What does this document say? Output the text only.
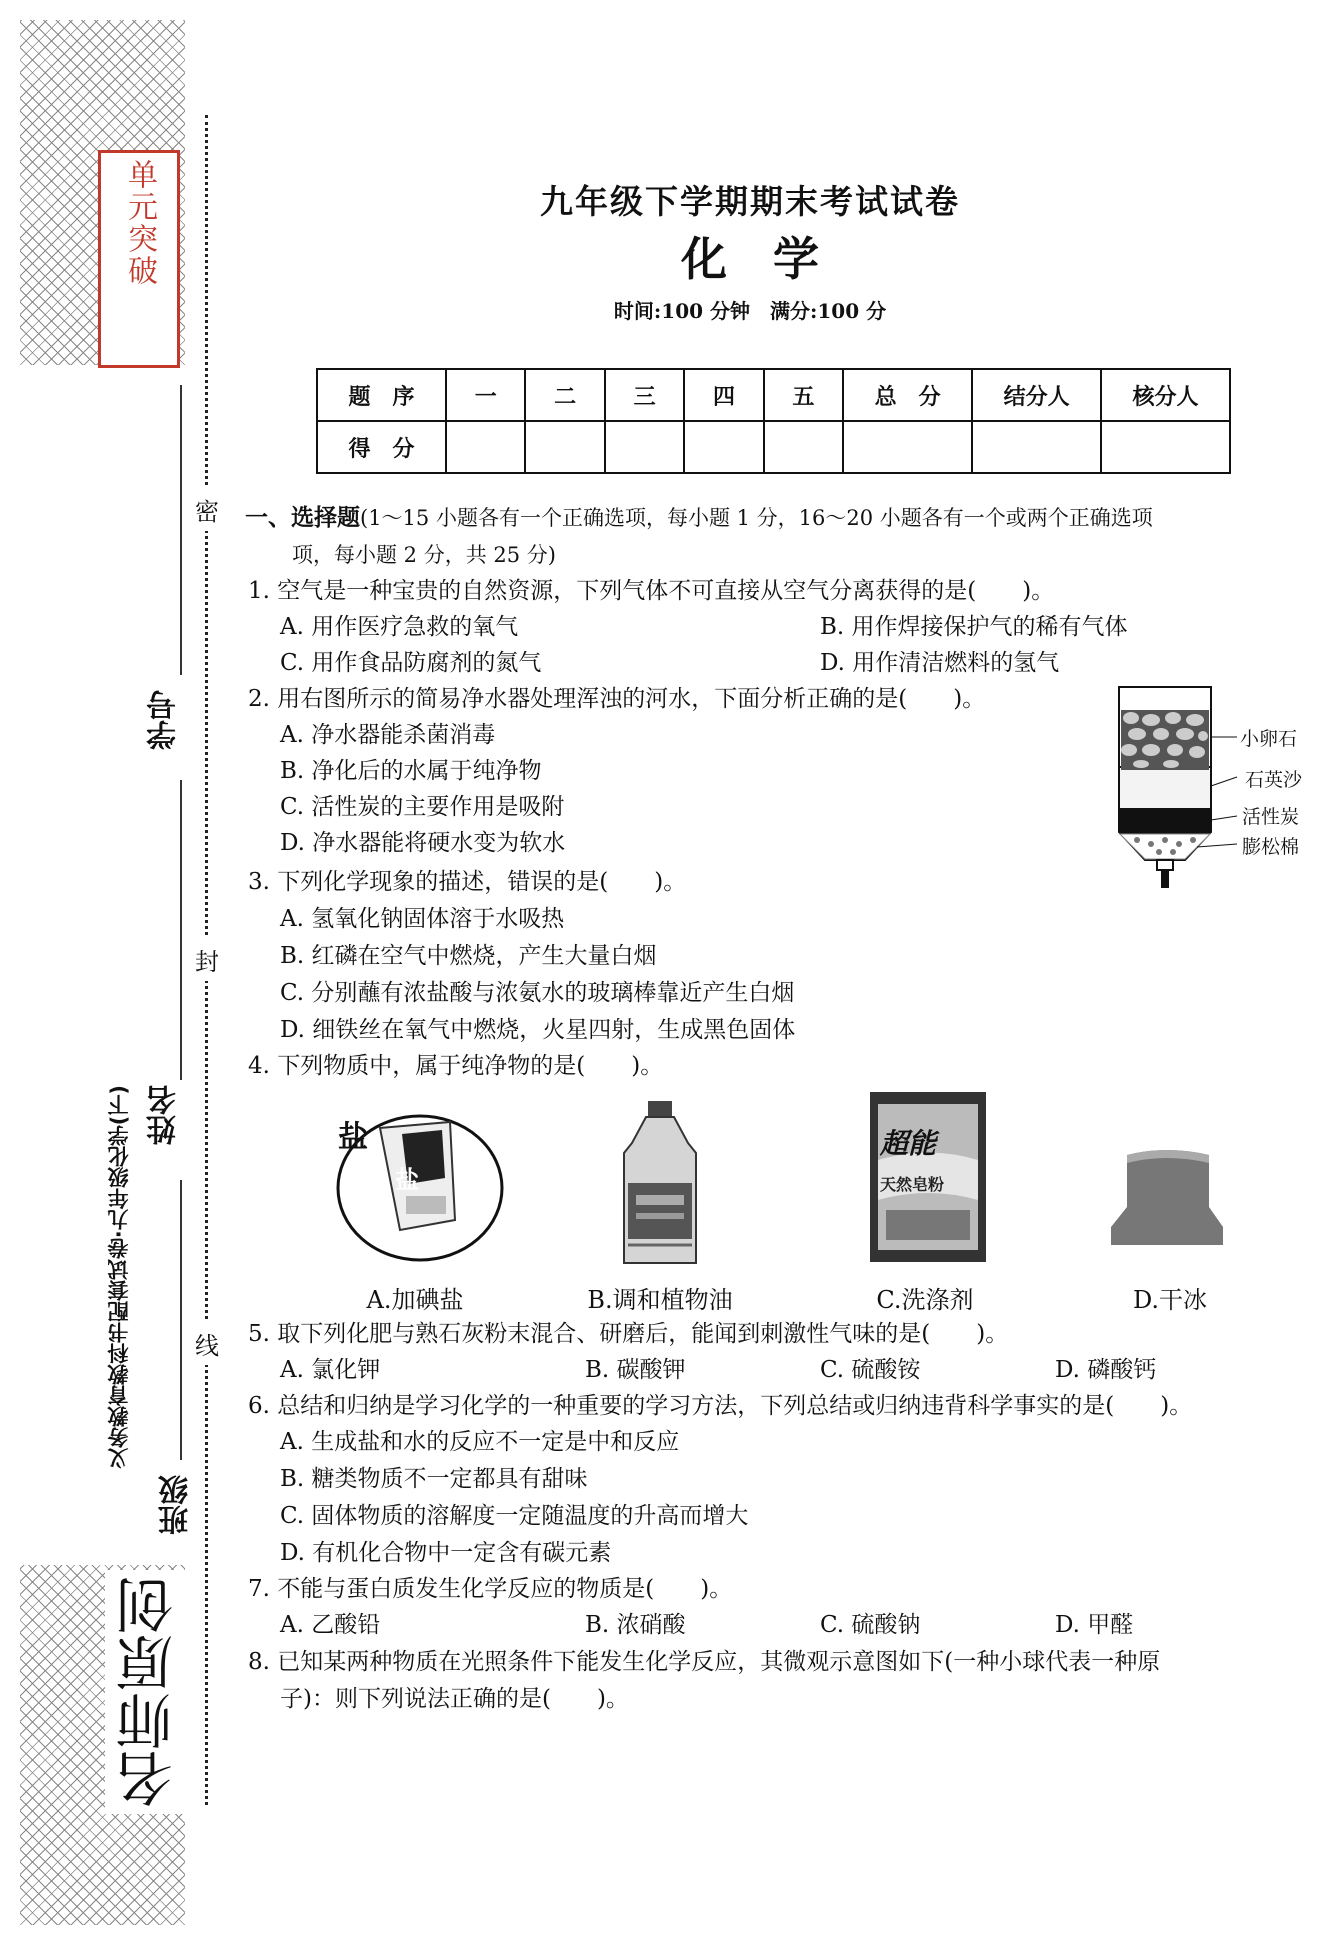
单元突破
密
封
线
学号
姓名
班级
义务教育教科书配套试卷·九年级化学(下)
名师原创
九年级下学期期末考试试卷
化　学
时间:100 分钟　满分:100 分
题　序	一	二	三	四	五	总　分	结分人	核分人
得　分								
一、选择题(1～15 小题各有一个正确选项，每小题 1 分，16～20 小题各有一个或两个正确选项
项，每小题 2 分，共 25 分)
1. 空气是一种宝贵的自然资源，下列气体不可直接从空气分离获得的是(　　)。
A. 用作医疗急救的氧气	B. 用作焊接保护气的稀有气体
C. 用作食品防腐剂的氮气	D. 用作清洁燃料的氢气
2. 用右图所示的简易净水器处理浑浊的河水，下面分析正确的是(　　)。
A. 净水器能杀菌消毒
B. 净化后的水属于纯净物
C. 活性炭的主要作用是吸附
D. 净水器能将硬水变为软水
小卵石
石英沙
活性炭
膨松棉
3. 下列化学现象的描述，错误的是(　　)。
A. 氢氧化钠固体溶于水吸热
B. 红磷在空气中燃烧，产生大量白烟
C. 分别蘸有浓盐酸与浓氨水的玻璃棒靠近产生白烟
D. 细铁丝在氧气中燃烧，火星四射，生成黑色固体
4. 下列物质中，属于纯净物的是(　　)。
盐
盐
超能
天然皂粉
A.加碘盐	B.调和植物油	C.洗涤剂	D.干冰
5. 取下列化肥与熟石灰粉末混合、研磨后，能闻到刺激性气味的是(　　)。
A. 氯化钾	B. 碳酸钾	C. 硫酸铵	D. 磷酸钙
6. 总结和归纳是学习化学的一种重要的学习方法，下列总结或归纳违背科学事实的是(　　)。
A. 生成盐和水的反应不一定是中和反应
B. 糖类物质不一定都具有甜味
C. 固体物质的溶解度一定随温度的升高而增大
D. 有机化合物中一定含有碳元素
7. 不能与蛋白质发生化学反应的物质是(　　)。
A. 乙酸铅	B. 浓硝酸	C. 硫酸钠	D. 甲醛
8. 已知某两种物质在光照条件下能发生化学反应，其微观示意图如下(一种小球代表一种原
子)：则下列说法正确的是(　　)。
